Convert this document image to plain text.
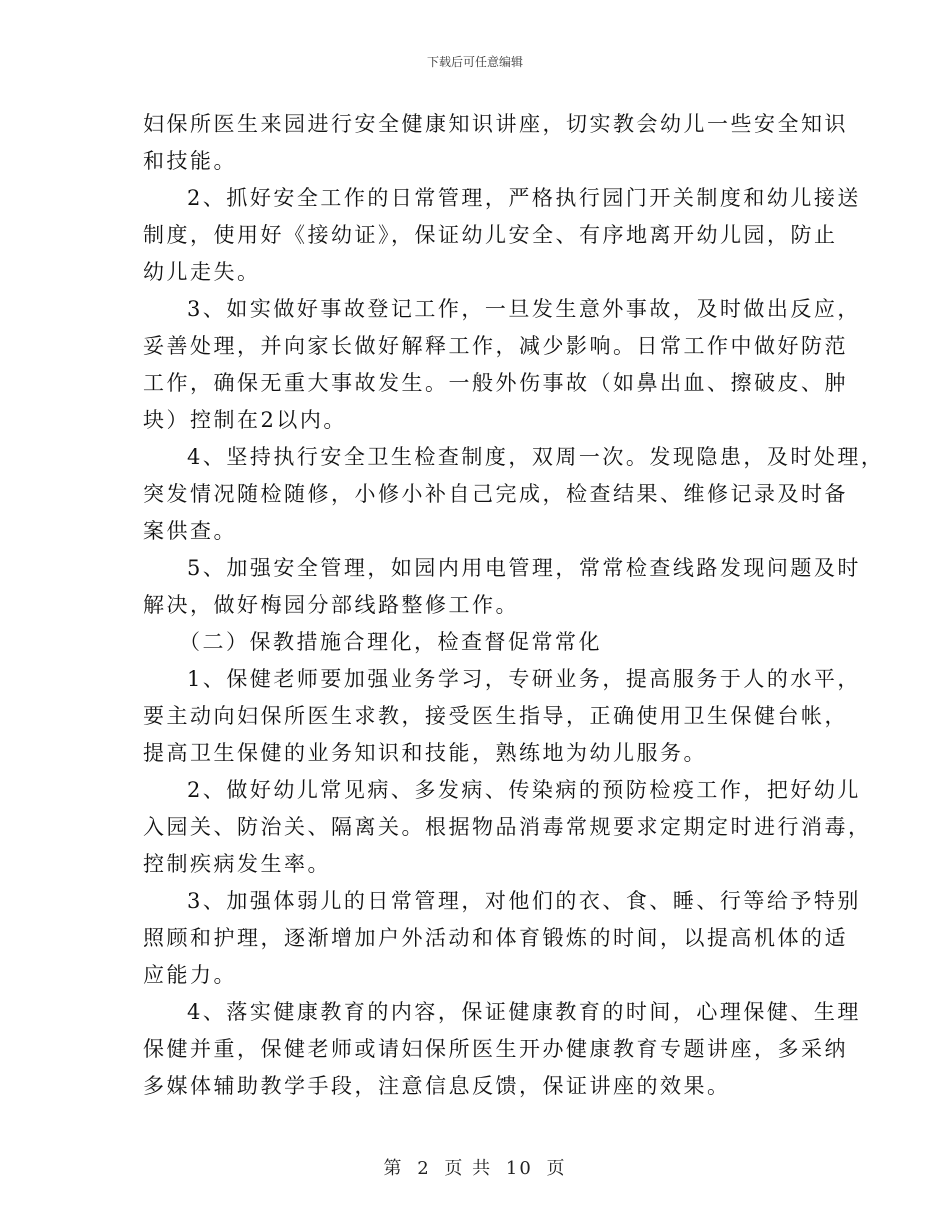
下载后可任意编辑

妇保所医生来园进行安全健康知识讲座，切实教会幼儿一些安全知识
和技能。

2、抓好安全工作的日常管理，严格执行园门开关制度和幼儿接送
制度，使用好《接幼证》，保证幼儿安全、有序地离开幼儿园，防止
幼儿走失。

3、如实做好事故登记工作，一旦发生意外事故，及时做出反应，
妥善处理，并向家长做好解释工作，减少影响。日常工作中做好防范
工作，确保无重大事故发生。一般外伤事故（如鼻出血、擦破皮、肿
块）控制在2以内。

4、坚持执行安全卫生检查制度，双周一次。发现隐患，及时处理，
突发情况随检随修，小修小补自己完成，检查结果、维修记录及时备
案供查。

5、加强安全管理，如园内用电管理，常常检查线路发现问题及时
解决，做好梅园分部线路整修工作。

（二）保教措施合理化，检查督促常常化

1、保健老师要加强业务学习，专研业务，提高服务于人的水平，
要主动向妇保所医生求教，接受医生指导，正确使用卫生保健台帐，
提高卫生保健的业务知识和技能，熟练地为幼儿服务。

2、做好幼儿常见病、多发病、传染病的预防检疫工作，把好幼儿
入园关、防治关、隔离关。根据物品消毒常规要求定期定时进行消毒，
控制疾病发生率。

3、加强体弱儿的日常管理，对他们的衣、食、睡、行等给予特别
照顾和护理，逐渐增加户外活动和体育锻炼的时间，以提高机体的适
应能力。

4、落实健康教育的内容，保证健康教育的时间，心理保健、生理
保健并重，保健老师或请妇保所医生开办健康教育专题讲座，多采纳
多媒体辅助教学手段，注意信息反馈，保证讲座的效果。

第 2 页 共 10 页
